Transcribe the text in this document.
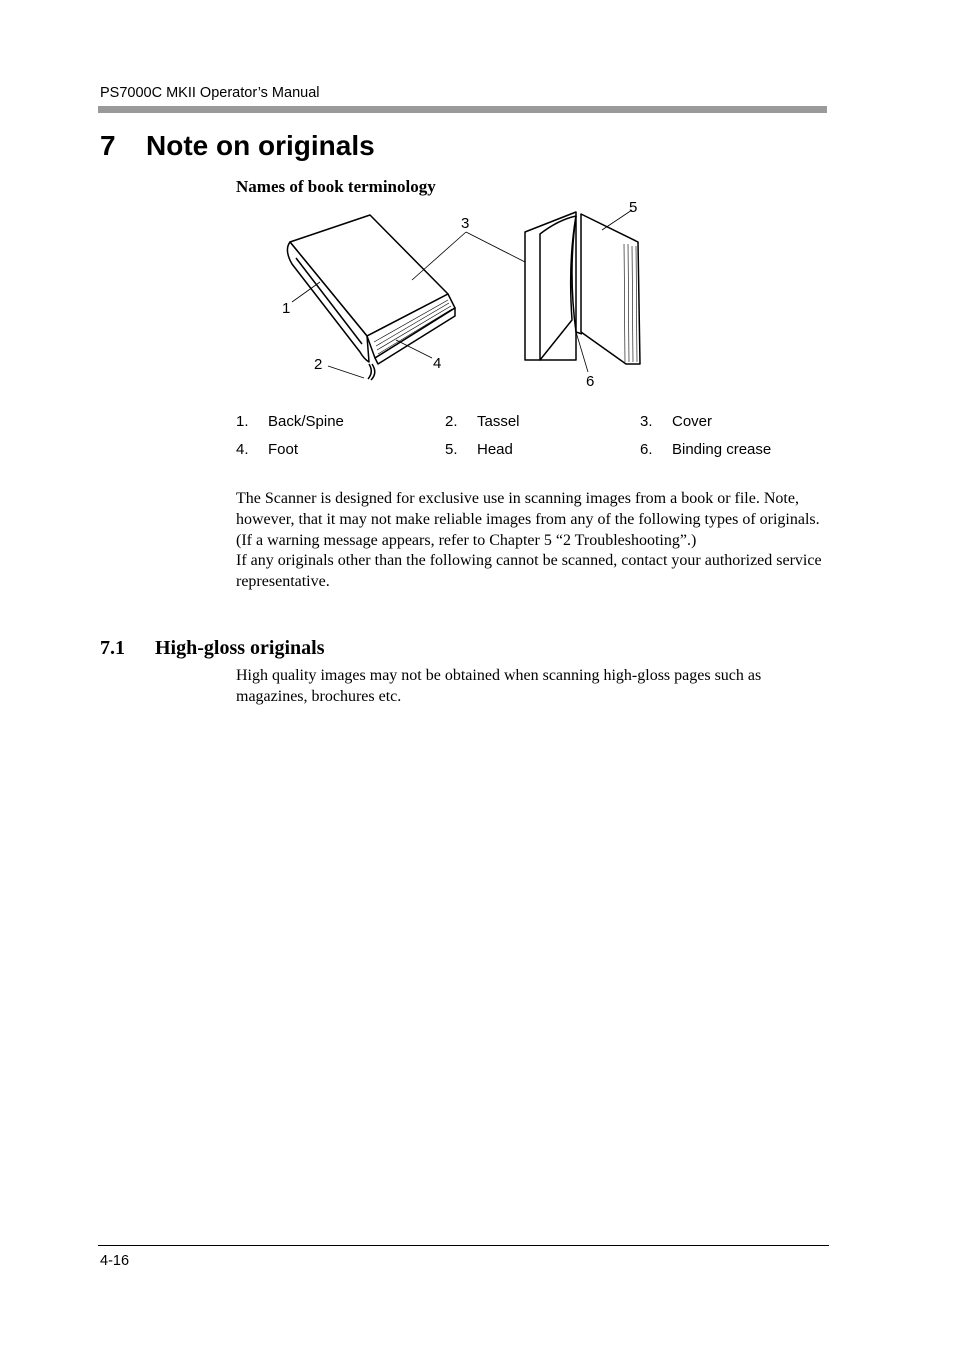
PS7000C MKII Operator’s Manual
7 Note on originals
Names of book terminology
1
2
3
4
5
6
1. Back/Spine	2. Tassel	3. Cover
4. Foot	5. Head	6. Binding crease

The Scanner is designed for exclusive use in scanning images from a book or file. Note, however, that it may not make reliable images from any of the following types of originals.

(If a warning message appears, refer to Chapter 5 “2 Troubleshooting”.)

If any originals other than the following cannot be scanned, contact your authorized service representative.

7.1 High-gloss originals

High quality images may not be obtained when scanning high-gloss pages such as magazines, brochures etc.

4-16
